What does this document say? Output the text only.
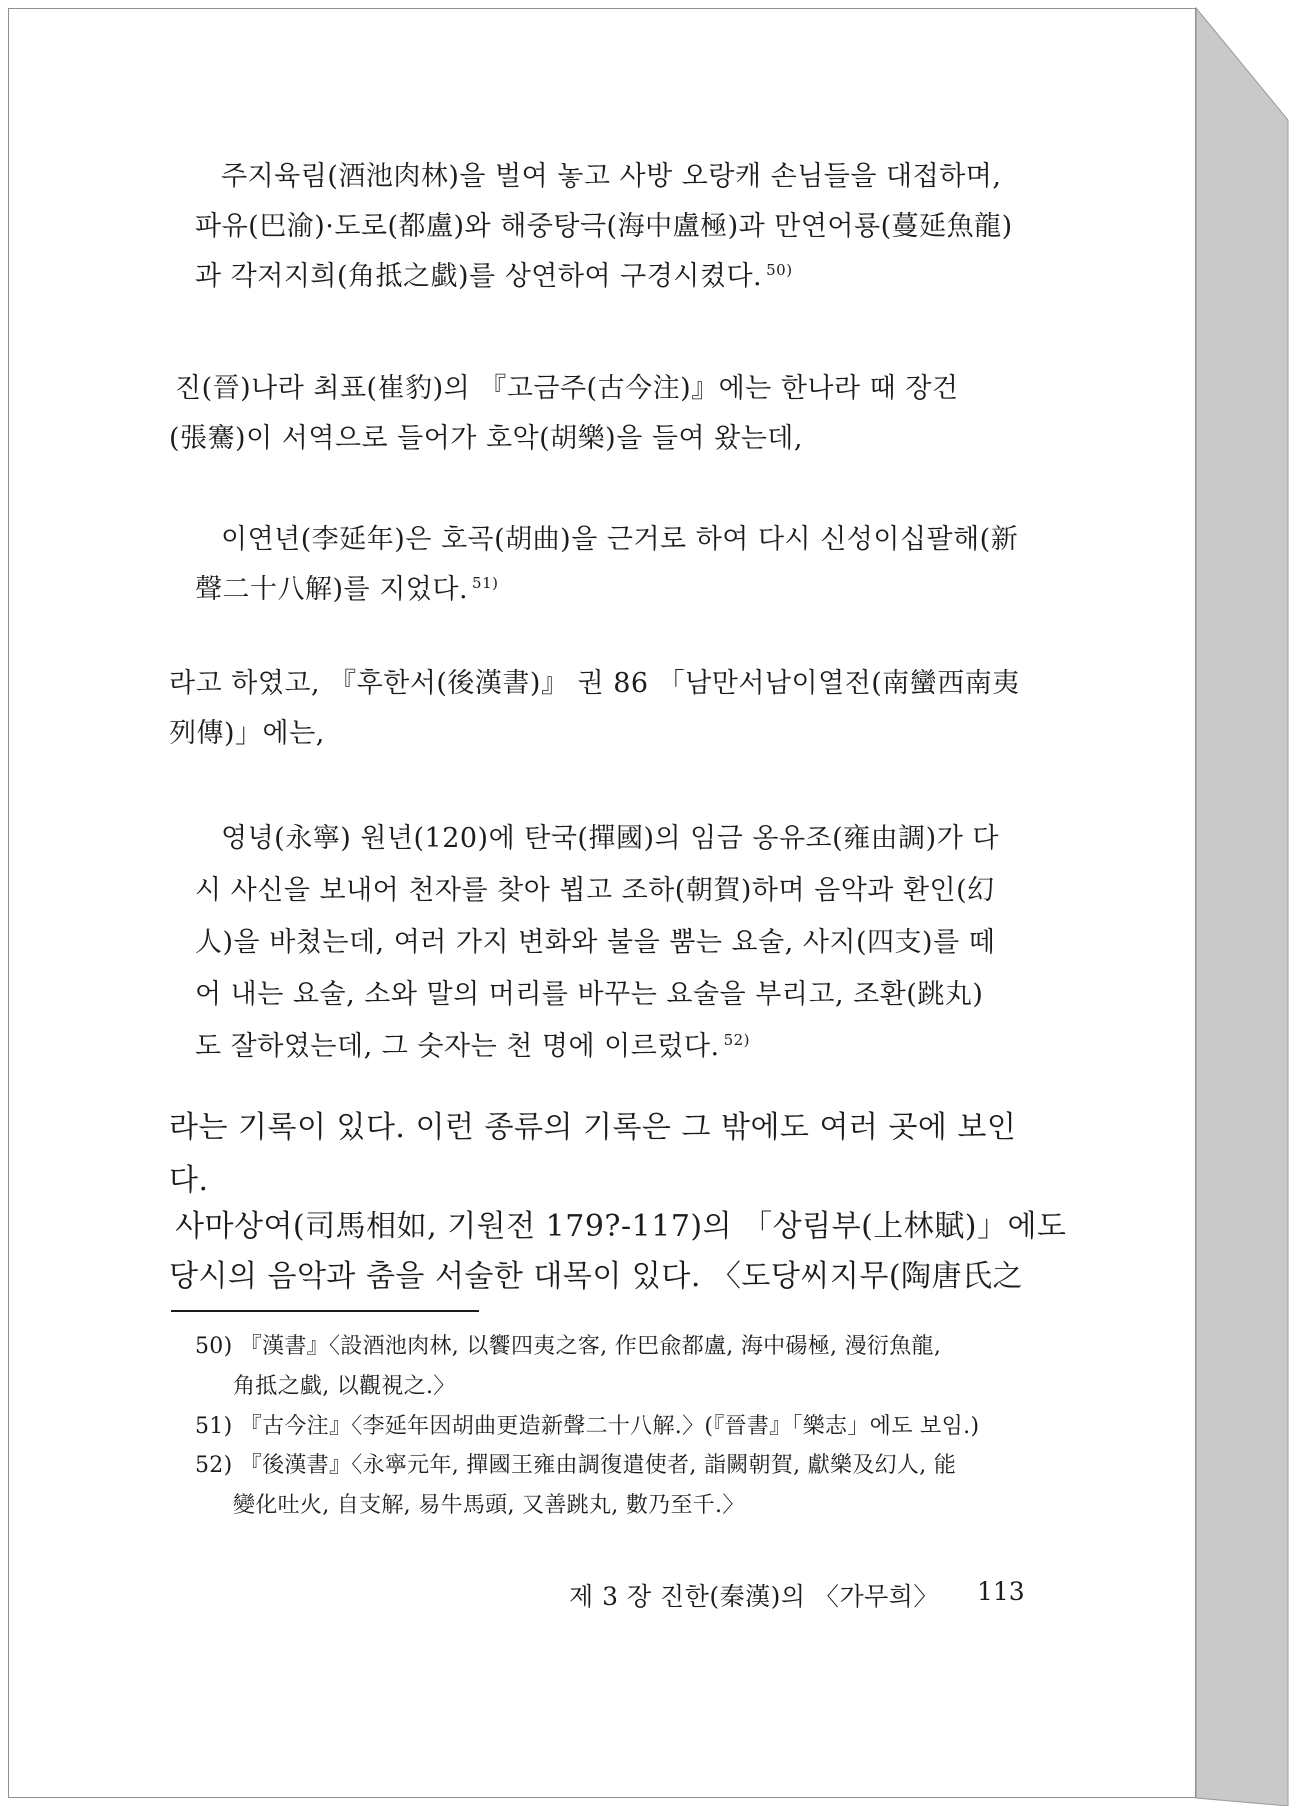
주지육림(酒池肉林)을 벌여 놓고 사방 오랑캐 손님들을 대접하며,
파유(巴渝)·도로(都盧)와 해중탕극(海中盧極)과 만연어룡(蔓延魚龍)
과 각저지희(角抵之戱)를 상연하여 구경시켰다. $^{50)}$

진(晉)나라 최표(崔豹)의 『고금주(古今注)』에는 한나라 때 장건
(張騫)이 서역으로 들어가 호악(胡樂)을 들여 왔는데,

이연년(李延年)은 호곡(胡曲)을 근거로 하여 다시 신성이십팔해(新
聲二十八解)를 지었다. $^{51)}$

라고 하였고, 『후한서(後漢書)』 권 86 「남만서남이열전(南蠻西南夷
列傳)」에는,

영녕(永寧) 원년(120)에 탄국(撣國)의 임금 옹유조(雍由調)가 다
시 사신을 보내어 천자를 찾아 뵙고 조하(朝賀)하며 음악과 환인(幻
人)을 바쳤는데, 여러 가지 변화와 불을 뿜는 요술, 사지(四支)를 떼
어 내는 요술, 소와 말의 머리를 바꾸는 요술을 부리고, 조환(跳丸)
도 잘하였는데, 그 숫자는 천 명에 이르렀다. $^{52)}$

라는 기록이 있다. 이런 종류의 기록은 그 밖에도 여러 곳에 보인
다.

사마상여(司馬相如, 기원전 179?-117)의 「상림부(上林賦)」에도
당시의 음악과 춤을 서술한 대목이 있다. 〈도당씨지무(陶唐氏之

50) 『漢書』〈設酒池肉林, 以饗四夷之客, 作巴兪都盧, 海中碭極, 漫衍魚龍,
角抵之戱, 以觀視之.〉

51) 『古今注』〈李延年因胡曲更造新聲二十八解.〉(『晉書』「樂志」에도 보임.)

52) 『後漢書』〈永寧元年, 撣國王雍由調復遣使者, 詣闕朝賀, 獻樂及幻人, 能
變化吐火, 自支解, 易牛馬頭, 又善跳丸, 數乃至千.〉

제 3 장 진한(秦漢)의 〈가무희〉 113
